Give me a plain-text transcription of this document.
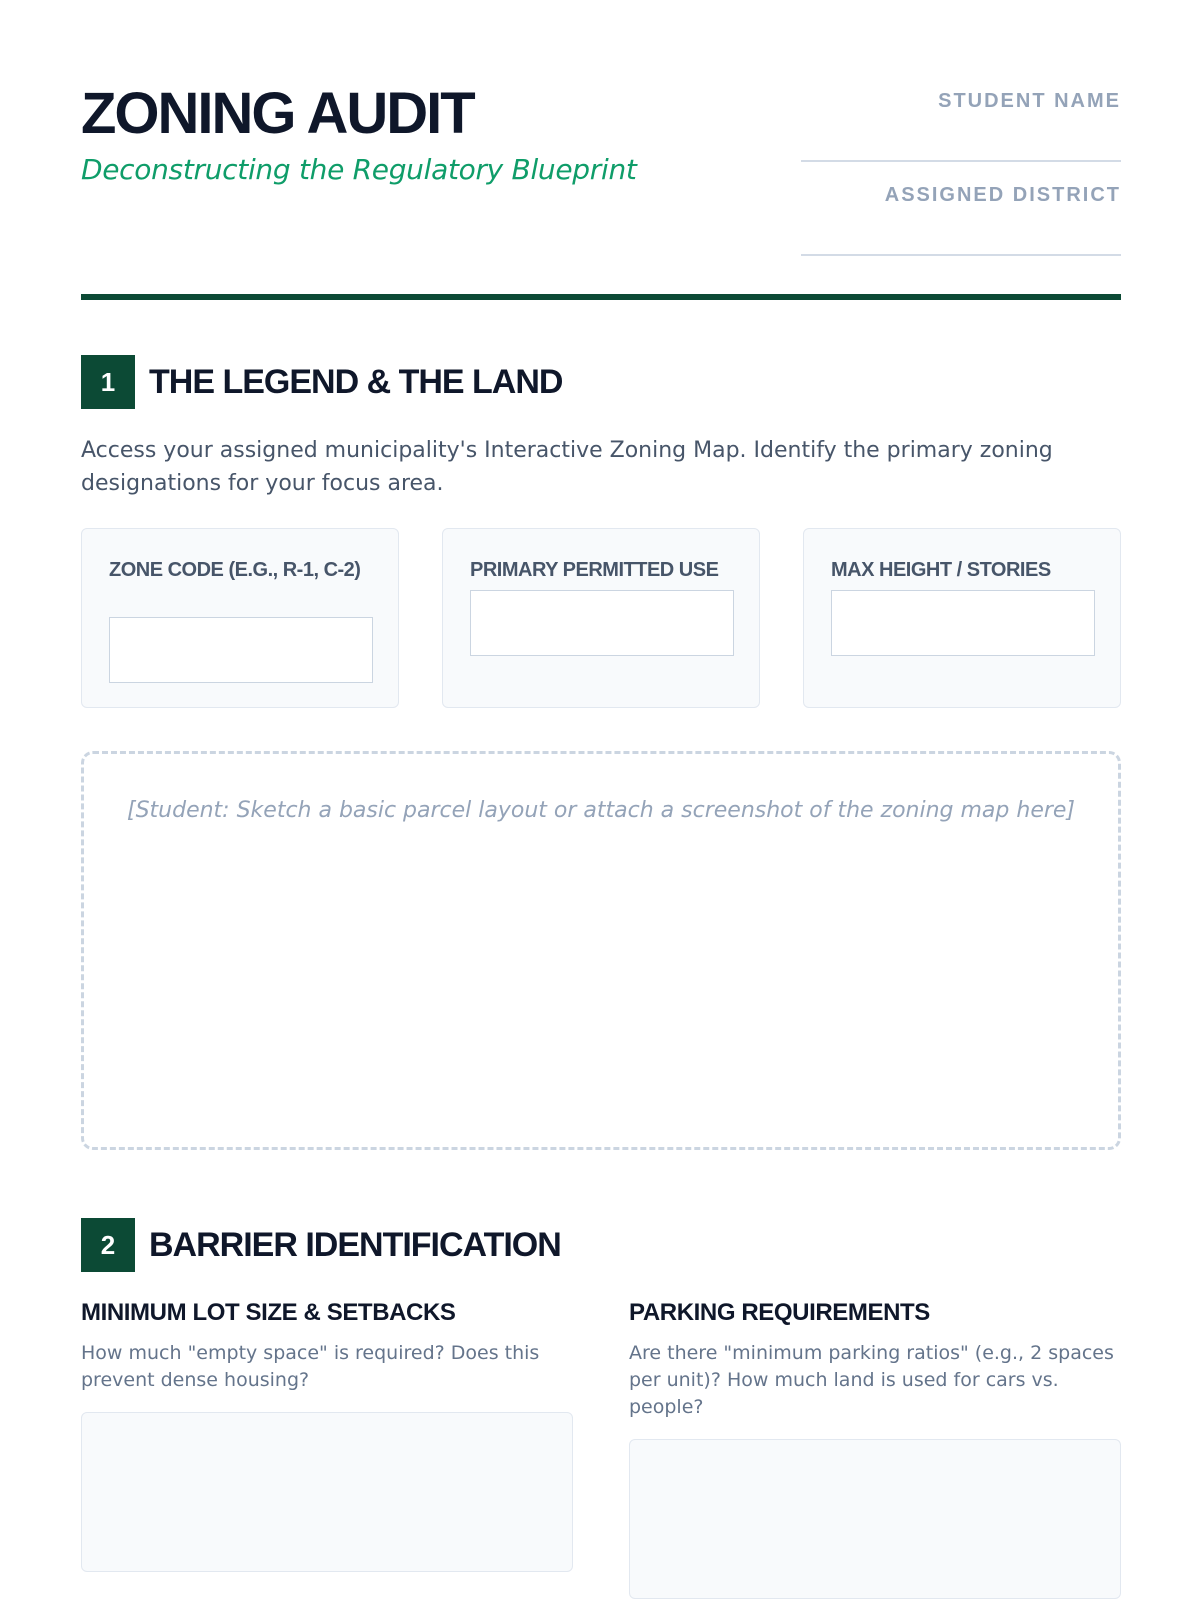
ZONING AUDIT

Deconstructing the Regulatory Blueprint

STUDENT NAME
ASSIGNED DISTRICT
1 THE LEGEND & THE LAND

Access your assigned municipality's Interactive Zoning Map. Identify the primary zoning designations for your focus area.

ZONE CODE (E.G., R-1, C-2)	PRIMARY PERMITTED USE	MAX HEIGHT / STORIES
[Student: Sketch a basic parcel layout or attach a screenshot of the zoning map here]
2 BARRIER IDENTIFICATION
MINIMUM LOT SIZE & SETBACKS

How much "empty space" is required? Does this prevent dense housing?

PARKING REQUIREMENTS

Are there "minimum parking ratios" (e.g., 2 spaces per unit)? How much land is used for cars vs. people?
